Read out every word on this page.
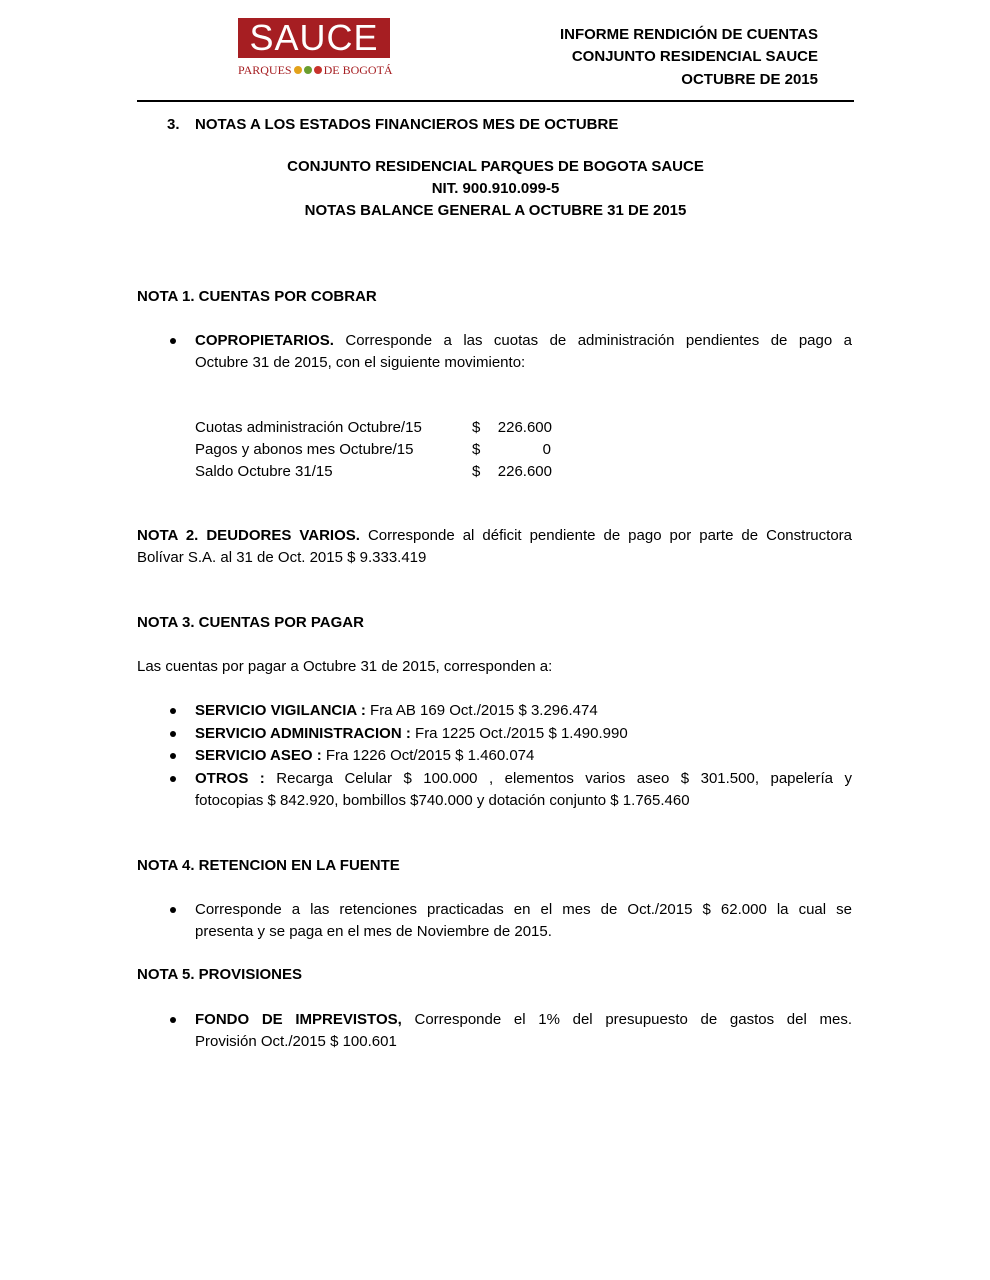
SAUCE
PARQUES	DE BOGOTÁ
INFORME RENDICIÓN DE CUENTAS
CONJUNTO RESIDENCIAL SAUCE
OCTUBRE DE 2015
3. NOTAS A LOS ESTADOS FINANCIEROS MES DE OCTUBRE
CONJUNTO RESIDENCIAL PARQUES DE BOGOTA SAUCE
NIT. 900.910.099-5
NOTAS BALANCE GENERAL A OCTUBRE 31 DE 2015
NOTA 1. CUENTAS POR COBRAR
COPROPIETARIOS. Corresponde a las cuotas de administración pendientes de pago a
Octubre 31 de 2015, con el siguiente movimiento:
Cuotas administración Octubre/15	$	226.600
Pagos y abonos mes Octubre/15	$	0
Saldo Octubre 31/15	$	226.600
NOTA 2. DEUDORES VARIOS. Corresponde al déficit pendiente de pago por parte de Constructora
Bolívar S.A. al 31 de Oct. 2015 $ 9.333.419
NOTA 3. CUENTAS POR PAGAR
Las cuentas por pagar a Octubre 31 de 2015, corresponden a:
SERVICIO VIGILANCIA : Fra AB 169 Oct./2015 $ 3.296.474
SERVICIO ADMINISTRACION : Fra 1225 Oct./2015 $ 1.490.990
SERVICIO ASEO : Fra 1226 Oct/2015 $ 1.460.074
OTROS : Recarga Celular $ 100.000 , elementos varios aseo $ 301.500, papelería y
fotocopias $ 842.920, bombillos $740.000 y dotación conjunto $ 1.765.460
NOTA 4. RETENCION EN LA FUENTE
Corresponde a las retenciones practicadas en el mes de Oct./2015 $ 62.000 la cual se
presenta y se paga en el mes de Noviembre de 2015.
NOTA 5. PROVISIONES
FONDO DE IMPREVISTOS, Corresponde el 1% del presupuesto de gastos del mes.
Provisión Oct./2015 $ 100.601
